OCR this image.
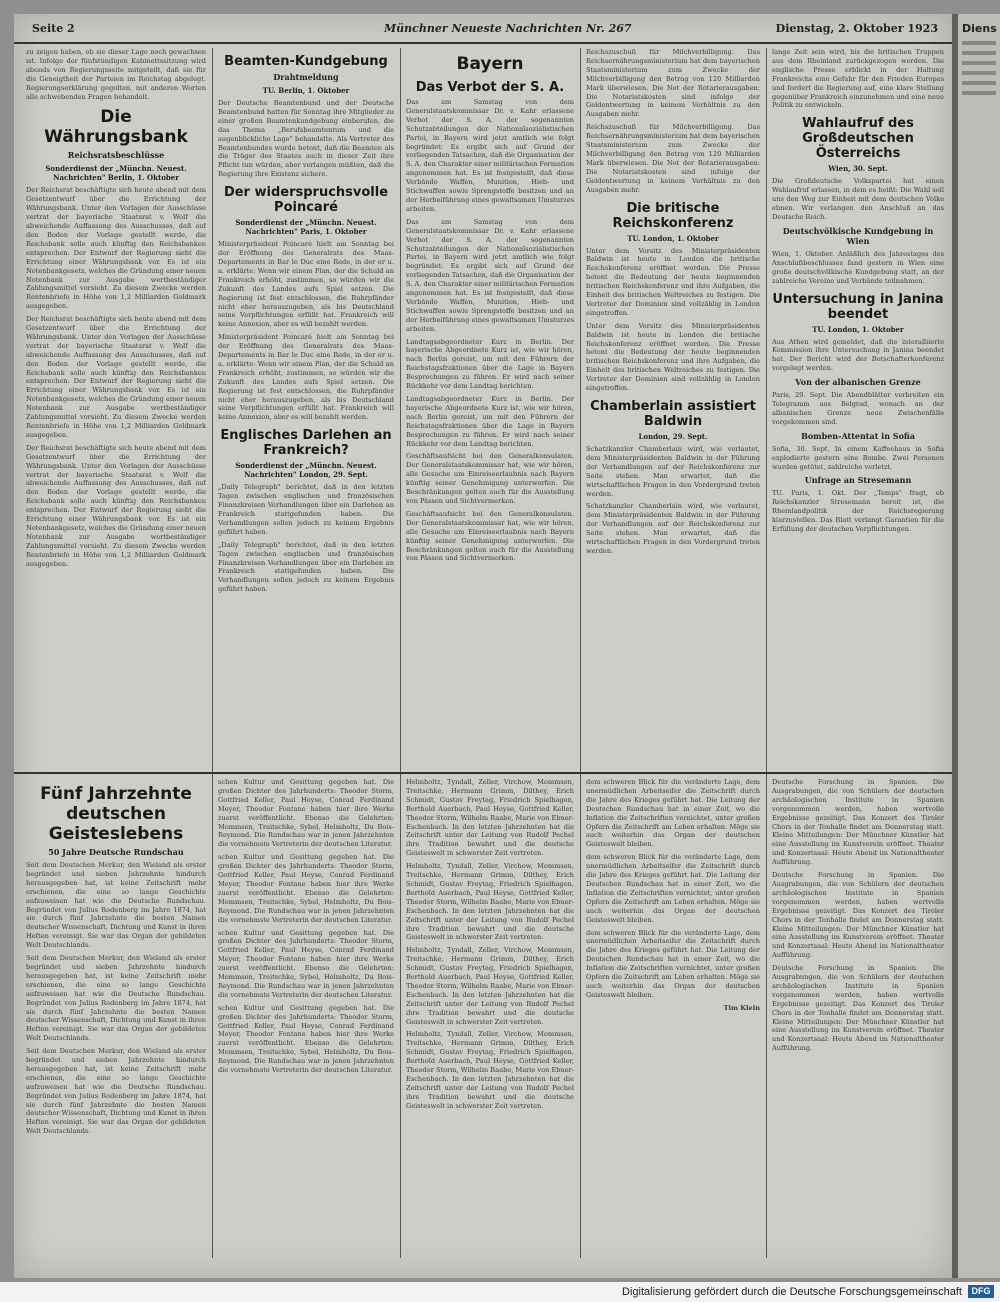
Seite 2	Münchner Neueste Nachrichten Nr. 267	Dienstag, 2. Oktober 1923

zu zeigen haben, ob sie dieser Lage noch gewachsen ist. Infolge der fünfstündigen Kabinettssitzung wird abends von Regierungsseite mitgeteilt, daß sie für die Geneigtheit der Parteien im Reichstag abgelegt. Regierungserklärung gegolten, mit anderen Worten alle schwebenden Fragen behandelt.

Die Währungsbank
Reichsratsbeschlüsse
Sonderdienst der „Münchn. Neuest. Nachrichten" Berlin, 1. Oktober

Der Reichsrat beschäftigte sich heute abend mit dem Gesetzentwurf über die Errichtung der Währungsbank. Unter den Vorlagen der Ausschüsse vertrat der bayerische Staatsrat v. Wolf die abweichende Auffassung des Ausschusses, daß auf den Boden der Vorlage gestellt werde, die Reichsbank solle auch künftig den Reichsbanken entsprechen. Der Entwurf der Regierung sieht die Errichtung einer Währungsbank vor. Es ist ein Notenbankgesetz, welches die Gründung einer neuen Notenbank zur Ausgabe wertbeständiger Zahlungsmittel vorsieht. Zu diesem Zwecke werden Rentenbriefe in Höhe von 1,2 Milliarden Goldmark ausgegeben.

Der Reichsrat beschäftigte sich heute abend mit dem Gesetzentwurf über die Errichtung der Währungsbank. Unter den Vorlagen der Ausschüsse vertrat der bayerische Staatsrat v. Wolf die abweichende Auffassung des Ausschusses, daß auf den Boden der Vorlage gestellt werde, die Reichsbank solle auch künftig den Reichsbanken entsprechen. Der Entwurf der Regierung sieht die Errichtung einer Währungsbank vor. Es ist ein Notenbankgesetz, welches die Gründung einer neuen Notenbank zur Ausgabe wertbeständiger Zahlungsmittel vorsieht. Zu diesem Zwecke werden Rentenbriefe in Höhe von 1,2 Milliarden Goldmark ausgegeben.

Der Reichsrat beschäftigte sich heute abend mit dem Gesetzentwurf über die Errichtung der Währungsbank. Unter den Vorlagen der Ausschüsse vertrat der bayerische Staatsrat v. Wolf die abweichende Auffassung des Ausschusses, daß auf den Boden der Vorlage gestellt werde, die Reichsbank solle auch künftig den Reichsbanken entsprechen. Der Entwurf der Regierung sieht die Errichtung einer Währungsbank vor. Es ist ein Notenbankgesetz, welches die Gründung einer neuen Notenbank zur Ausgabe wertbeständiger Zahlungsmittel vorsieht. Zu diesem Zwecke werden Rentenbriefe in Höhe von 1,2 Milliarden Goldmark ausgegeben.

Beamten-Kundgebung
Drahtmeldung
TU. Berlin, 1. Oktober

Der Deutsche Beamtenbund und der Deutsche Beamtenbund hatten für Sonntag ihre Mitglieder zu einer großen Beamtenkundgebung einberufen, die das Thema „Berufsbeamtentum und die augenblickliche Lage" behandelte. Als Vertreter des Beamtenbundes wurde betont, daß die Beamten als die Träger des Staates auch in dieser Zeit ihre Pflicht tun würden, aber verlangen müßten, daß die Regierung ihre Existenz sichere.

Der widerspruchsvolle Poincaré
Sonderdienst der „Münchn. Neuest. Nachrichten" Paris, 1. Oktober

Ministerpräsident Poincaré hielt am Sonntag bei der Eröffnung des Generalrats des Maas-Departements in Bar le Duc eine Rede, in der er u. a. erklärte: Wenn wir einem Plan, der die Schuld an Frankreich erhöht, zustimmen, so würden wir die Zukunft des Landes aufs Spiel setzen. Die Regierung ist fest entschlossen, die Ruhrpfänder nicht eher herauszugeben, als bis Deutschland seine Verpflichtungen erfüllt hat. Frankreich will keine Annexion, aber es will bezahlt werden.

Ministerpräsident Poincaré hielt am Sonntag bei der Eröffnung des Generalrats des Maas-Departements in Bar le Duc eine Rede, in der er u. a. erklärte: Wenn wir einem Plan, der die Schuld an Frankreich erhöht, zustimmen, so würden wir die Zukunft des Landes aufs Spiel setzen. Die Regierung ist fest entschlossen, die Ruhrpfänder nicht eher herauszugeben, als bis Deutschland seine Verpflichtungen erfüllt hat. Frankreich will keine Annexion, aber es will bezahlt werden.

Englisches Darlehen an Frankreich?
Sonderdienst der „Münchn. Neuest. Nachrichten" London, 29. Sept.

„Daily Telegraph" berichtet, daß in den letzten Tagen zwischen englischen und französischen Finanzkreisen Verhandlungen über ein Darlehen an Frankreich stattgefunden haben. Die Verhandlungen sollen jedoch zu keinem Ergebnis geführt haben.

„Daily Telegraph" berichtet, daß in den letzten Tagen zwischen englischen und französischen Finanzkreisen Verhandlungen über ein Darlehen an Frankreich stattgefunden haben. Die Verhandlungen sollen jedoch zu keinem Ergebnis geführt haben.

Bayern
Das Verbot der S. A.

Das am Samstag von dem Generalstaatskommissar Dr. v. Kahr erlassene Verbot der S. A. der sogenannten Schutzabteilungen der Nationalsozialistischen Partei, in Bayern wird jetzt amtlich wie folgt begründet: Es ergibt sich auf Grund der vorliegenden Tatsachen, daß die Organisation der S. A. den Charakter einer militärischen Formation angenommen hat. Es ist festgestellt, daß diese Verbände Waffen, Munition, Hieb- und Stichwaffen sowie Sprengstoffe besitzen und an der Herbeiführung eines gewaltsamen Umsturzes arbeiten.

Das am Samstag von dem Generalstaatskommissar Dr. v. Kahr erlassene Verbot der S. A. der sogenannten Schutzabteilungen der Nationalsozialistischen Partei, in Bayern wird jetzt amtlich wie folgt begründet: Es ergibt sich auf Grund der vorliegenden Tatsachen, daß die Organisation der S. A. den Charakter einer militärischen Formation angenommen hat. Es ist festgestellt, daß diese Verbände Waffen, Munition, Hieb- und Stichwaffen sowie Sprengstoffe besitzen und an der Herbeiführung eines gewaltsamen Umsturzes arbeiten.

Landtagsabgeordneter Kurz in Berlin. Der bayerische Abgeordnete Kurz ist, wie wir hören, nach Berlin gereist, um mit den Führern der Reichstagsfraktionen über die Lage in Bayern Besprechungen zu führen. Er wird nach seiner Rückkehr vor dem Landtag berichten.

Landtagsabgeordneter Kurz in Berlin. Der bayerische Abgeordnete Kurz ist, wie wir hören, nach Berlin gereist, um mit den Führern der Reichstagsfraktionen über die Lage in Bayern Besprechungen zu führen. Er wird nach seiner Rückkehr vor dem Landtag berichten.

Geschäftsaufsicht bei den Generalkonsulaten. Der Generalstaatskommissar hat, wie wir hören, alle Gesuche um Einreiseerlaubnis nach Bayern künftig seiner Genehmigung unterworfen. Die Beschränkungen gelten auch für die Ausstellung von Pässen und Sichtvermerken.

Geschäftsaufsicht bei den Generalkonsulaten. Der Generalstaatskommissar hat, wie wir hören, alle Gesuche um Einreiseerlaubnis nach Bayern künftig seiner Genehmigung unterworfen. Die Beschränkungen gelten auch für die Ausstellung von Pässen und Sichtvermerken.

Reichszuschuß für Milchverbilligung. Das Reichsernährungsministerium hat dem bayerischen Staatsministerium zum Zwecke der Milchverbilligung den Betrag von 120 Milliarden Mark überwiesen. Die Not der Rotarierausgaben: Die Notariatskosten sind infolge der Geldentwertung in keinem Verhältnis zu den Ausgaben mehr.

Reichszuschuß für Milchverbilligung. Das Reichsernährungsministerium hat dem bayerischen Staatsministerium zum Zwecke der Milchverbilligung den Betrag von 120 Milliarden Mark überwiesen. Die Not der Rotarierausgaben: Die Notariatskosten sind infolge der Geldentwertung in keinem Verhältnis zu den Ausgaben mehr.

Die britische Reichskonferenz
TU. London, 1. Oktober

Unter dem Vorsitz des Ministerpräsidenten Baldwin ist heute in London die britische Reichskonferenz eröffnet worden. Die Presse betont die Bedeutung der heute beginnenden britischen Reichskonferenz und ihre Aufgaben, die Einheit des britischen Weltreiches zu festigen. Die Vertreter der Dominien sind vollzählig in London eingetroffen.

Unter dem Vorsitz des Ministerpräsidenten Baldwin ist heute in London die britische Reichskonferenz eröffnet worden. Die Presse betont die Bedeutung der heute beginnenden britischen Reichskonferenz und ihre Aufgaben, die Einheit des britischen Weltreiches zu festigen. Die Vertreter der Dominien sind vollzählig in London eingetroffen.

Chamberlain assistiert Baldwin
London, 29. Sept.

Schatzkanzler Chamberlain wird, wie verlautet, dem Ministerpräsidenten Baldwin in der Führung der Verhandlungen auf der Reichskonferenz zur Seite stehen. Man erwartet, daß die wirtschaftlichen Fragen in den Vordergrund treten werden.

Schatzkanzler Chamberlain wird, wie verlautet, dem Ministerpräsidenten Baldwin in der Führung der Verhandlungen auf der Reichskonferenz zur Seite stehen. Man erwartet, daß die wirtschaftlichen Fragen in den Vordergrund treten werden.

lange Zeit sein wird, bis die britischen Truppen aus dem Rheinland zurückgezogen werden. Die englische Presse erblickt in der Haltung Frankreichs eine Gefahr für den Frieden Europas und fordert die Regierung auf, eine klare Stellung gegenüber Frankreich einzunehmen und eine neue Politik zu entwickeln.

Wahlaufruf des Großdeutschen Österreichs
Wien, 30. Sept.

Die Großdeutsche Volkspartei hat einen Wahlaufruf erlassen, in dem es heißt: Die Wahl soll uns den Weg zur Einheit mit dem deutschen Volke ebnen. Wir verlangen den Anschluß an das Deutsche Reich.

Deutschvölkische Kundgebung in Wien

Wien, 1. Oktober. Anläßlich des Jahrestages des Anschlußbeschlusses fand gestern in Wien eine große deutschvölkische Kundgebung statt, an der zahlreiche Vereine und Verbände teilnahmen.

Untersuchung in Janina beendet
TU. London, 1. Oktober

Aus Athen wird gemeldet, daß die interalliierte Kommission ihre Untersuchung in Janina beendet hat. Der Bericht wird der Botschafterkonferenz vorgelegt werden.

Von der albanischen Grenze

Paris, 29. Sept. Die Abendblätter verbreiten ein Telegramm aus Belgrad, wonach an der albanischen Grenze neue Zwischenfälle vorgekommen sind.

Bomben-Attentat in Sofia

Sofia, 30. Sept. In einem Kaffeehaus in Sofia explodierte gestern eine Bombe. Zwei Personen wurden getötet, zahlreiche verletzt.

Unfrage an Stresemann

TU. Paris, 1. Okt. Der „Temps" fragt, ob Reichskanzler Stresemann bereit ist, die Rheinlandpolitik der Reichsregierung klarzustellen. Das Blatt verlangt Garantien für die Erfüllung der deutschen Verpflichtungen.

Fünf Jahrzehnte deutschen Geisteslebens
50 Jahre Deutsche Rundschau

Seit dem Deutschen Merkur, den Wieland als erster begründet und sieben Jahrzehnte hindurch herausgegeben hat, ist keine Zeitschrift mehr erschienen, die eine so lange Geschichte aufzuweisen hat wie die Deutsche Rundschau. Begründet von Julius Rodenberg im Jahre 1874, hat sie durch fünf Jahrzehnte die besten Namen deutscher Wissenschaft, Dichtung und Kunst in ihren Heften vereinigt. Sie war das Organ der gebildeten Welt Deutschlands.

Seit dem Deutschen Merkur, den Wieland als erster begründet und sieben Jahrzehnte hindurch herausgegeben hat, ist keine Zeitschrift mehr erschienen, die eine so lange Geschichte aufzuweisen hat wie die Deutsche Rundschau. Begründet von Julius Rodenberg im Jahre 1874, hat sie durch fünf Jahrzehnte die besten Namen deutscher Wissenschaft, Dichtung und Kunst in ihren Heften vereinigt. Sie war das Organ der gebildeten Welt Deutschlands.

Seit dem Deutschen Merkur, den Wieland als erster begründet und sieben Jahrzehnte hindurch herausgegeben hat, ist keine Zeitschrift mehr erschienen, die eine so lange Geschichte aufzuweisen hat wie die Deutsche Rundschau. Begründet von Julius Rodenberg im Jahre 1874, hat sie durch fünf Jahrzehnte die besten Namen deutscher Wissenschaft, Dichtung und Kunst in ihren Heften vereinigt. Sie war das Organ der gebildeten Welt Deutschlands.

schen Kultur und Gesittung gegeben hat. Die großen Dichter des Jahrhunderts: Theodor Storm, Gottfried Keller, Paul Heyse, Conrad Ferdinand Meyer, Theodor Fontane haben hier ihre Werke zuerst veröffentlicht. Ebenso die Gelehrten: Mommsen, Treitschke, Sybel, Helmholtz, Du Bois-Reymond. Die Rundschau war in jenen Jahrzehnten die vornehmste Vertreterin der deutschen Literatur.

schen Kultur und Gesittung gegeben hat. Die großen Dichter des Jahrhunderts: Theodor Storm, Gottfried Keller, Paul Heyse, Conrad Ferdinand Meyer, Theodor Fontane haben hier ihre Werke zuerst veröffentlicht. Ebenso die Gelehrten: Mommsen, Treitschke, Sybel, Helmholtz, Du Bois-Reymond. Die Rundschau war in jenen Jahrzehnten die vornehmste Vertreterin der deutschen Literatur.

schen Kultur und Gesittung gegeben hat. Die großen Dichter des Jahrhunderts: Theodor Storm, Gottfried Keller, Paul Heyse, Conrad Ferdinand Meyer, Theodor Fontane haben hier ihre Werke zuerst veröffentlicht. Ebenso die Gelehrten: Mommsen, Treitschke, Sybel, Helmholtz, Du Bois-Reymond. Die Rundschau war in jenen Jahrzehnten die vornehmste Vertreterin der deutschen Literatur.

schen Kultur und Gesittung gegeben hat. Die großen Dichter des Jahrhunderts: Theodor Storm, Gottfried Keller, Paul Heyse, Conrad Ferdinand Meyer, Theodor Fontane haben hier ihre Werke zuerst veröffentlicht. Ebenso die Gelehrten: Mommsen, Treitschke, Sybel, Helmholtz, Du Bois-Reymond. Die Rundschau war in jenen Jahrzehnten die vornehmste Vertreterin der deutschen Literatur.

Helmholtz, Tyndall, Zeller, Virchow, Mommsen, Treitschke, Hermann Grimm, Dilthey, Erich Schmidt, Gustav Freytag, Friedrich Spielhagen, Berthold Auerbach, Paul Heyse, Gottfried Keller, Theodor Storm, Wilhelm Raabe, Marie von Ebner-Eschenbach. In den letzten Jahrzehnten hat die Zeitschrift unter der Leitung von Rudolf Pechel ihre Tradition bewahrt und die deutsche Geisteswelt in schwerster Zeit vertreten.

Helmholtz, Tyndall, Zeller, Virchow, Mommsen, Treitschke, Hermann Grimm, Dilthey, Erich Schmidt, Gustav Freytag, Friedrich Spielhagen, Berthold Auerbach, Paul Heyse, Gottfried Keller, Theodor Storm, Wilhelm Raabe, Marie von Ebner-Eschenbach. In den letzten Jahrzehnten hat die Zeitschrift unter der Leitung von Rudolf Pechel ihre Tradition bewahrt und die deutsche Geisteswelt in schwerster Zeit vertreten.

Helmholtz, Tyndall, Zeller, Virchow, Mommsen, Treitschke, Hermann Grimm, Dilthey, Erich Schmidt, Gustav Freytag, Friedrich Spielhagen, Berthold Auerbach, Paul Heyse, Gottfried Keller, Theodor Storm, Wilhelm Raabe, Marie von Ebner-Eschenbach. In den letzten Jahrzehnten hat die Zeitschrift unter der Leitung von Rudolf Pechel ihre Tradition bewahrt und die deutsche Geisteswelt in schwerster Zeit vertreten.

Helmholtz, Tyndall, Zeller, Virchow, Mommsen, Treitschke, Hermann Grimm, Dilthey, Erich Schmidt, Gustav Freytag, Friedrich Spielhagen, Berthold Auerbach, Paul Heyse, Gottfried Keller, Theodor Storm, Wilhelm Raabe, Marie von Ebner-Eschenbach. In den letzten Jahrzehnten hat die Zeitschrift unter der Leitung von Rudolf Pechel ihre Tradition bewahrt und die deutsche Geisteswelt in schwerster Zeit vertreten.

dem schweren Blick für die veränderte Lage, dem unermüdlichen Arbeitseifer die Zeitschrift durch die Jahre des Krieges geführt hat. Die Leitung der Deutschen Rundschau hat in einer Zeit, wo die Inflation die Zeitschriften vernichtet, unter großen Opfern die Zeitschrift am Leben erhalten. Möge sie auch weiterhin das Organ der deutschen Geisteswelt bleiben.

dem schweren Blick für die veränderte Lage, dem unermüdlichen Arbeitseifer die Zeitschrift durch die Jahre des Krieges geführt hat. Die Leitung der Deutschen Rundschau hat in einer Zeit, wo die Inflation die Zeitschriften vernichtet, unter großen Opfern die Zeitschrift am Leben erhalten. Möge sie auch weiterhin das Organ der deutschen Geisteswelt bleiben.

dem schweren Blick für die veränderte Lage, dem unermüdlichen Arbeitseifer die Zeitschrift durch die Jahre des Krieges geführt hat. Die Leitung der Deutschen Rundschau hat in einer Zeit, wo die Inflation die Zeitschriften vernichtet, unter großen Opfern die Zeitschrift am Leben erhalten. Möge sie auch weiterhin das Organ der deutschen Geisteswelt bleiben.

Tim Klein

Deutsche Forschung in Spanien. Die Ausgrabungen, die von Schülern der deutschen archäologischen Institute in Spanien vorgenommen werden, haben wertvolle Ergebnisse gezeitigt. Das Konzert des Tiroler Chors in der Tonhalle findet am Donnerstag statt. Kleine Mitteilungen: Der Münchner Künstler hat eine Ausstellung im Kunstverein eröffnet. Theater und Konzertsaal: Heute Abend im Nationaltheater Aufführung.

Deutsche Forschung in Spanien. Die Ausgrabungen, die von Schülern der deutschen archäologischen Institute in Spanien vorgenommen werden, haben wertvolle Ergebnisse gezeitigt. Das Konzert des Tiroler Chors in der Tonhalle findet am Donnerstag statt. Kleine Mitteilungen: Der Münchner Künstler hat eine Ausstellung im Kunstverein eröffnet. Theater und Konzertsaal: Heute Abend im Nationaltheater Aufführung.

Deutsche Forschung in Spanien. Die Ausgrabungen, die von Schülern der deutschen archäologischen Institute in Spanien vorgenommen werden, haben wertvolle Ergebnisse gezeitigt. Das Konzert des Tiroler Chors in der Tonhalle findet am Donnerstag statt. Kleine Mitteilungen: Der Münchner Künstler hat eine Ausstellung im Kunstverein eröffnet. Theater und Konzertsaal: Heute Abend im Nationaltheater Aufführung.

Diens
Digitalisierung gefördert durch die Deutsche Forschungsgemeinschaft	DFG
